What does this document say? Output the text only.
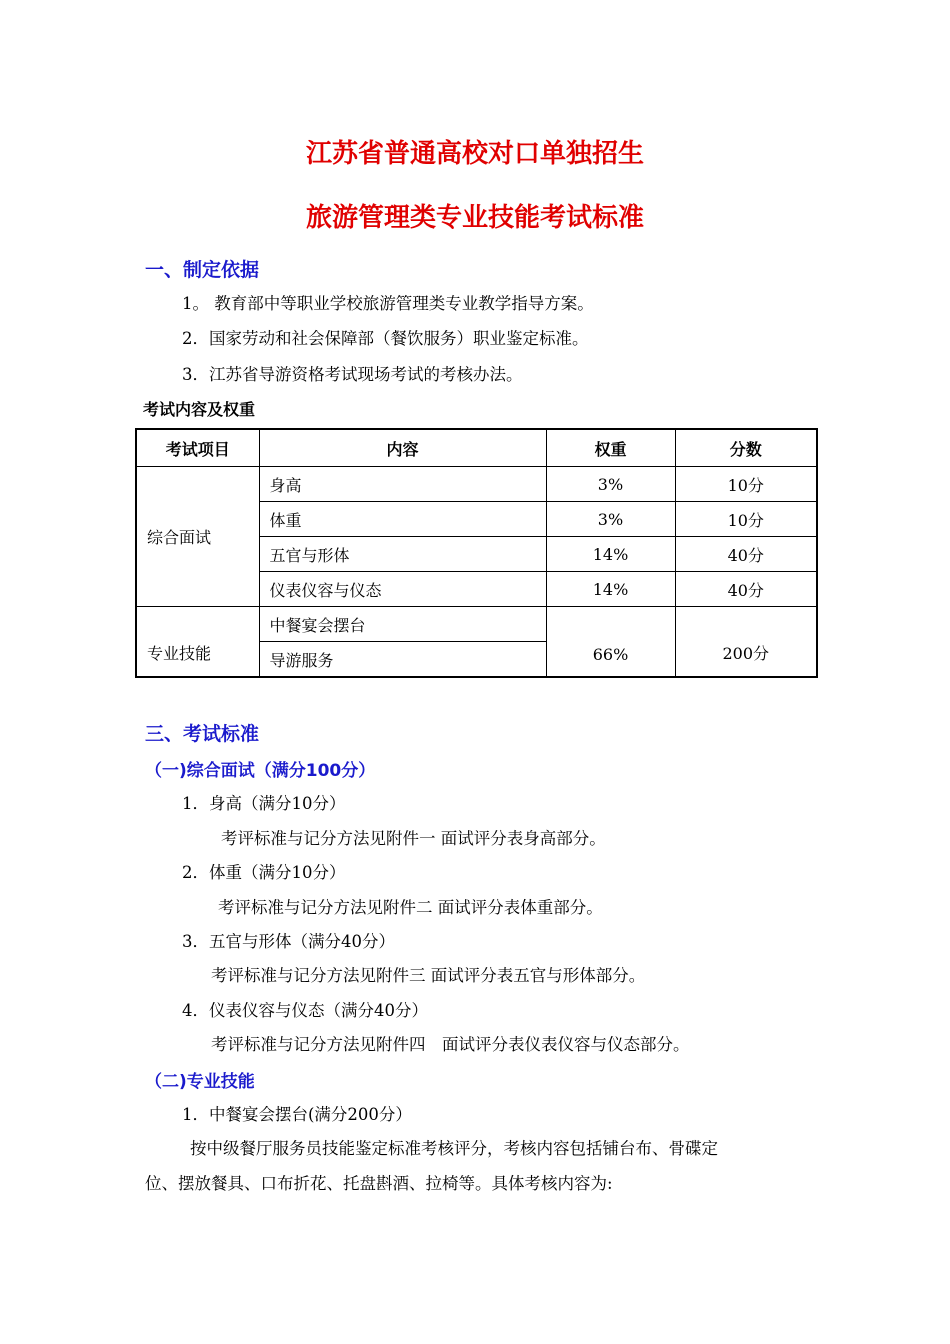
江苏省普通高校对口单独招生
旅游管理类专业技能考试标准
一、制定依据
1。 教育部中等职业学校旅游管理类专业教学指导方案。
2．国家劳动和社会保障部（餐饮服务）职业鉴定标准。
3．江苏省导游资格考试现场考试的考核办法。
考试内容及权重
考试项目	内容	权重	分数
综合面试	身高	3%	10分
	体重	3%	10分
	五官与形体	14%	40分
	仪表仪容与仪态	14%	40分
专业技能	中餐宴会摆台	66%	200分
	导游服务		
三、考试标准
（一)综合面试（满分100分）
1．身高（满分10分）
考评标准与记分方法见附件一 面试评分表身高部分。
2．体重（满分10分）
考评标准与记分方法见附件二 面试评分表体重部分。
3．五官与形体（满分40分）
考评标准与记分方法见附件三 面试评分表五官与形体部分。
4．仪表仪容与仪态（满分40分）
考评标准与记分方法见附件四　面试评分表仪表仪容与仪态部分。
（二)专业技能
1．中餐宴会摆台(满分200分）
按中级餐厅服务员技能鉴定标准考核评分，考核内容包括铺台布、骨碟定
位、摆放餐具、口布折花、托盘斟酒、拉椅等。具体考核内容为:
